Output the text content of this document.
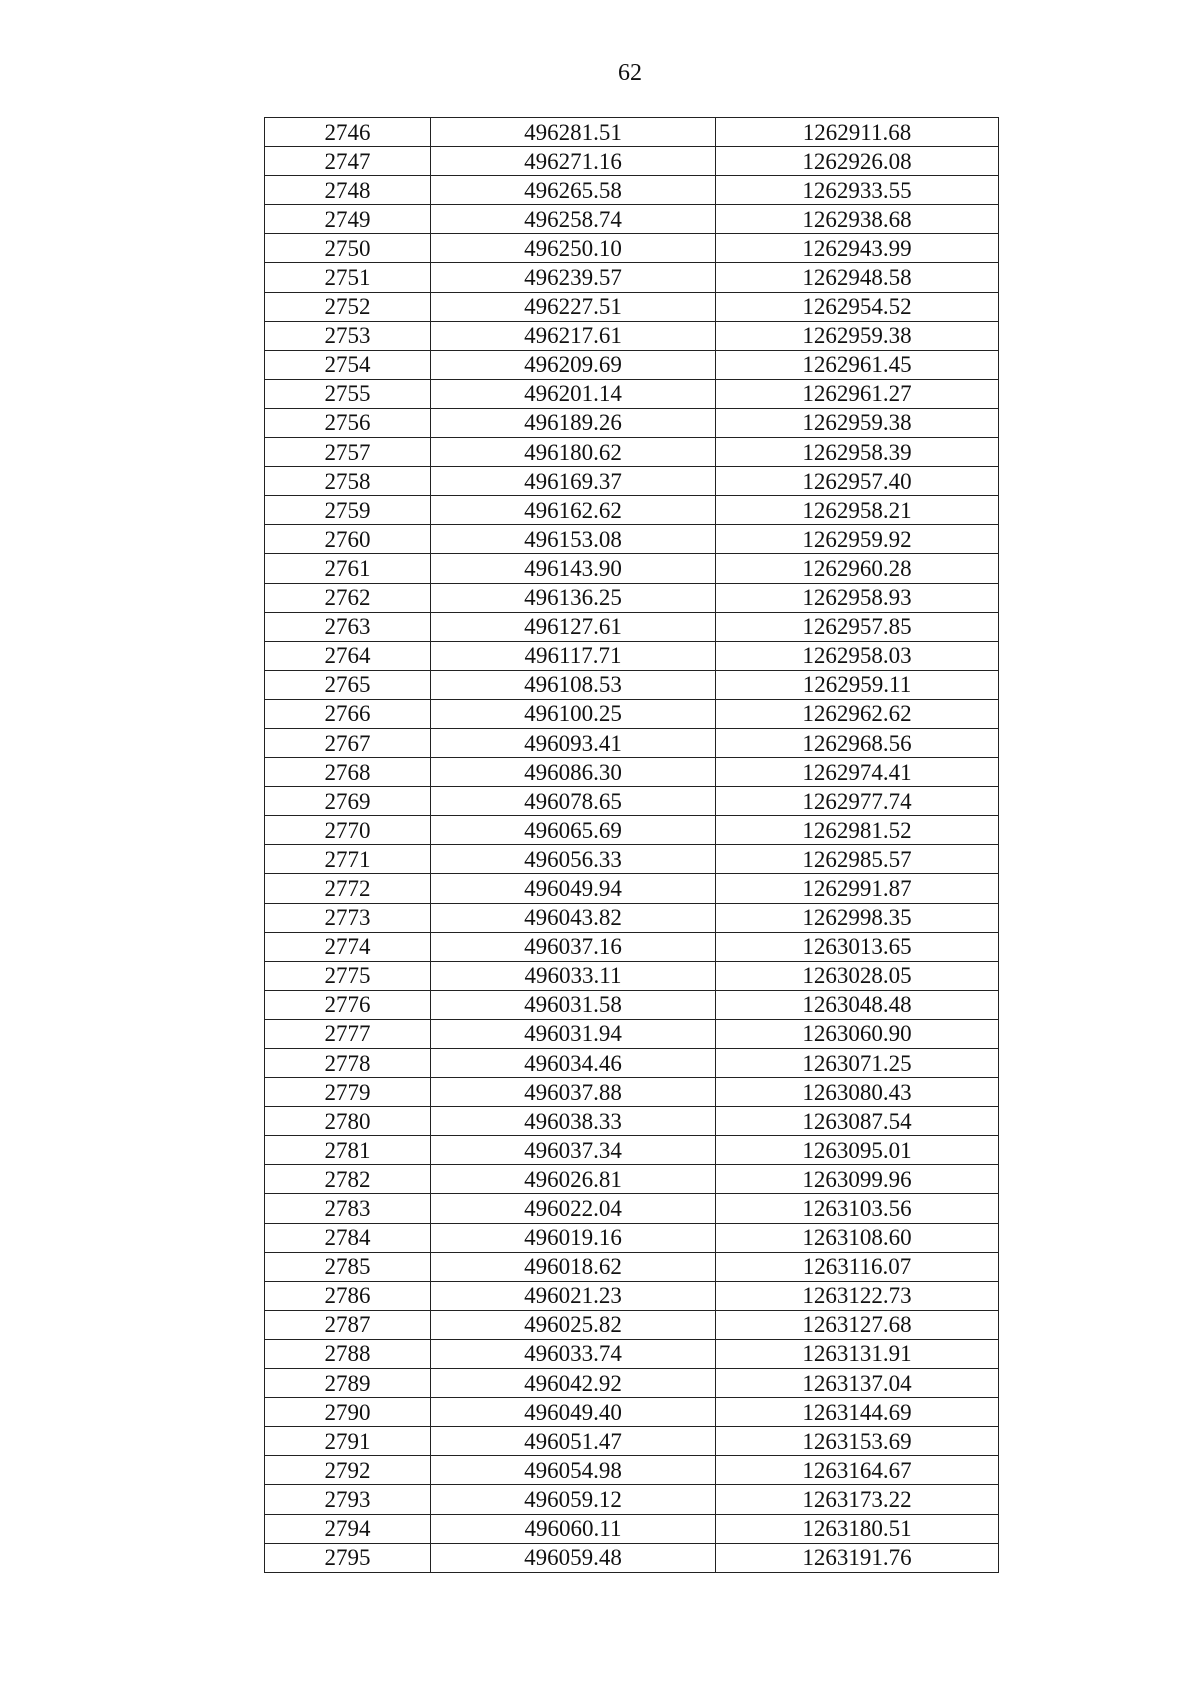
62
2746	496281.51	1262911.68
2747	496271.16	1262926.08
2748	496265.58	1262933.55
2749	496258.74	1262938.68
2750	496250.10	1262943.99
2751	496239.57	1262948.58
2752	496227.51	1262954.52
2753	496217.61	1262959.38
2754	496209.69	1262961.45
2755	496201.14	1262961.27
2756	496189.26	1262959.38
2757	496180.62	1262958.39
2758	496169.37	1262957.40
2759	496162.62	1262958.21
2760	496153.08	1262959.92
2761	496143.90	1262960.28
2762	496136.25	1262958.93
2763	496127.61	1262957.85
2764	496117.71	1262958.03
2765	496108.53	1262959.11
2766	496100.25	1262962.62
2767	496093.41	1262968.56
2768	496086.30	1262974.41
2769	496078.65	1262977.74
2770	496065.69	1262981.52
2771	496056.33	1262985.57
2772	496049.94	1262991.87
2773	496043.82	1262998.35
2774	496037.16	1263013.65
2775	496033.11	1263028.05
2776	496031.58	1263048.48
2777	496031.94	1263060.90
2778	496034.46	1263071.25
2779	496037.88	1263080.43
2780	496038.33	1263087.54
2781	496037.34	1263095.01
2782	496026.81	1263099.96
2783	496022.04	1263103.56
2784	496019.16	1263108.60
2785	496018.62	1263116.07
2786	496021.23	1263122.73
2787	496025.82	1263127.68
2788	496033.74	1263131.91
2789	496042.92	1263137.04
2790	496049.40	1263144.69
2791	496051.47	1263153.69
2792	496054.98	1263164.67
2793	496059.12	1263173.22
2794	496060.11	1263180.51
2795	496059.48	1263191.76
